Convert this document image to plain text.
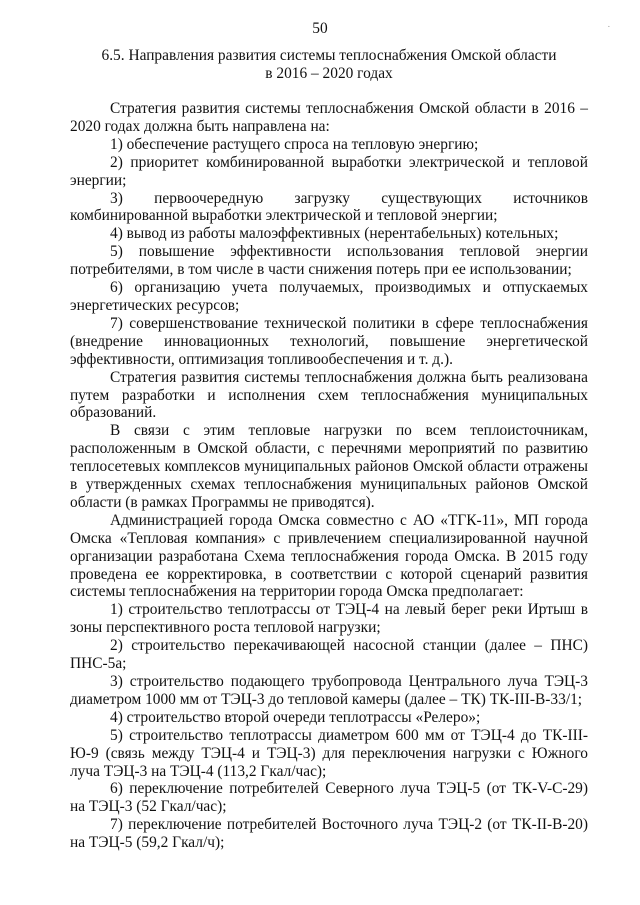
.
50
6.5. Направления развития системы теплоснабжения Омской области
в 2016 – 2020 годах

Стратегия развития системы теплоснабжения Омской области в 2016 – 2020 годах должна быть направлена на:

1) обеспечение растущего спроса на тепловую энергию;

2) приоритет комбинированной выработки электрической и тепловой энергии;

3) первоочередную загрузку существующих источников комбинированной выработки электрической и тепловой энергии;

4) вывод из работы малоэффективных (нерентабельных) котельных;

5) повышение эффективности использования тепловой энергии потребителями, в том числе в части снижения потерь при ее использовании;

6) организацию учета получаемых, производимых и отпускаемых энергетических ресурсов;

7) совершенствование технической политики в сфере теплоснабжения (внедрение инновационных технологий, повышение энергетической эффективности, оптимизация топливообеспечения и т. д.).

Стратегия развития системы теплоснабжения должна быть реализована путем разработки и исполнения схем теплоснабжения муниципальных образований.

В связи с этим тепловые нагрузки по всем теплоисточникам, расположенным в Омской области, с перечнями мероприятий по развитию теплосетевых комплексов муниципальных районов Омской области отражены в утвержденных схемах теплоснабжения муниципальных районов Омской области (в рамках Программы не приводятся).

Администрацией города Омска совместно с АО «ТГК-11», МП города Омска «Тепловая компания» с привлечением специализированной научной организации разработана Схема теплоснабжения города Омска. В 2015 году проведена ее корректировка, в соответствии с которой сценарий развития системы теплоснабжения на территории города Омска предполагает:

1) строительство теплотрассы от ТЭЦ-4 на левый берег реки Иртыш в зоны перспективного роста тепловой нагрузки;

2) строительство перекачивающей насосной станции (далее – ПНС) ПНС-5а;

3) строительство подающего трубопровода Центрального луча ТЭЦ-3 диаметром 1000 мм от ТЭЦ-3 до тепловой камеры (далее – ТК) ТК-III-В-33/1;

4) строительство второй очереди теплотрассы «Релеро»;

5) строительство теплотрассы диаметром 600 мм от ТЭЦ-4 до ТК-III-Ю-9 (связь между ТЭЦ-4 и ТЭЦ-3) для переключения нагрузки с Южного луча ТЭЦ-3 на ТЭЦ-4 (113,2 Гкал/час);

6) переключение потребителей Северного луча ТЭЦ-5 (от ТК-V-С-29) на ТЭЦ-3 (52 Гкал/час);

7) переключение потребителей Восточного луча ТЭЦ-2 (от ТК-II-В-20) на ТЭЦ-5 (59,2 Гкал/ч);
